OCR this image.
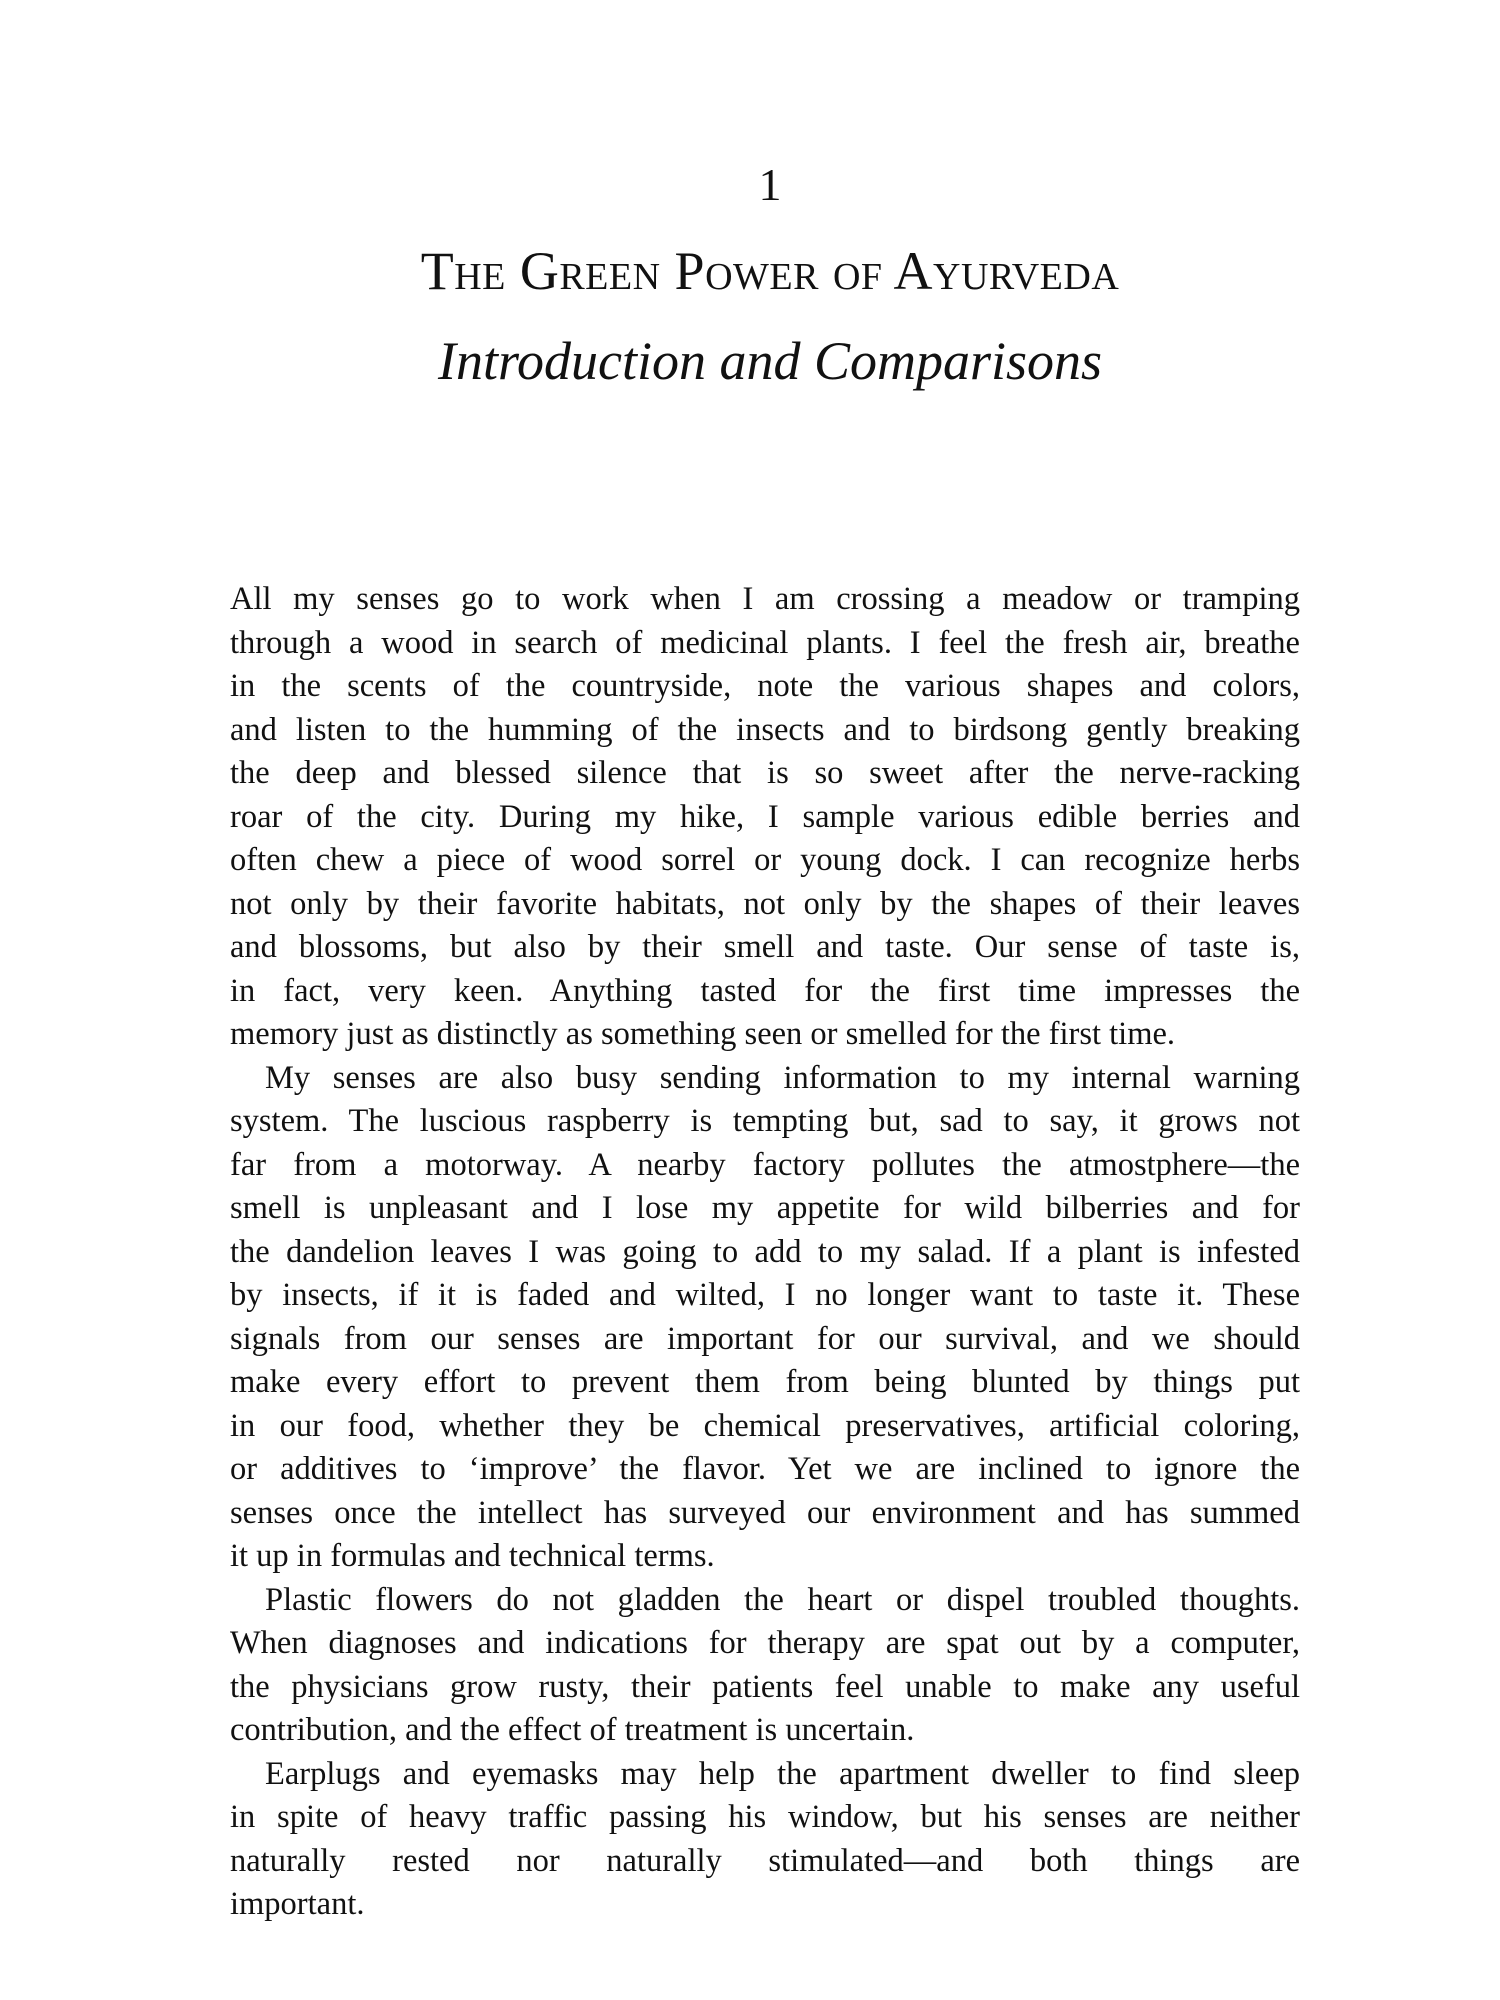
1
The Green Power of Ayurveda
Introduction and Comparisons
All my senses go to work when I am crossing a meadow or tramping
through a wood in search of medicinal plants. I feel the fresh air, breathe
in the scents of the countryside, note the various shapes and colors,
and listen to the humming of the insects and to birdsong gently breaking
the deep and blessed silence that is so sweet after the nerve-racking
roar of the city. During my hike, I sample various edible berries and
often chew a piece of wood sorrel or young dock. I can recognize herbs
not only by their favorite habitats, not only by the shapes of their leaves
and blossoms, but also by their smell and taste. Our sense of taste is,
in fact, very keen. Anything tasted for the first time impresses the
memory just as distinctly as something seen or smelled for the first time.
My senses are also busy sending information to my internal warning
system. The luscious raspberry is tempting but, sad to say, it grows not
far from a motorway. A nearby factory pollutes the atmostphere—the
smell is unpleasant and I lose my appetite for wild bilberries and for
the dandelion leaves I was going to add to my salad. If a plant is infested
by insects, if it is faded and wilted, I no longer want to taste it. These
signals from our senses are important for our survival, and we should
make every effort to prevent them from being blunted by things put
in our food, whether they be chemical preservatives, artificial coloring,
or additives to ‘improve’ the flavor. Yet we are inclined to ignore the
senses once the intellect has surveyed our environment and has summed
it up in formulas and technical terms.
Plastic flowers do not gladden the heart or dispel troubled thoughts.
When diagnoses and indications for therapy are spat out by a computer,
the physicians grow rusty, their patients feel unable to make any useful
contribution, and the effect of treatment is uncertain.
Earplugs and eyemasks may help the apartment dweller to find sleep
in spite of heavy traffic passing his window, but his senses are neither
naturally rested nor naturally stimulated—and both things are
important.
